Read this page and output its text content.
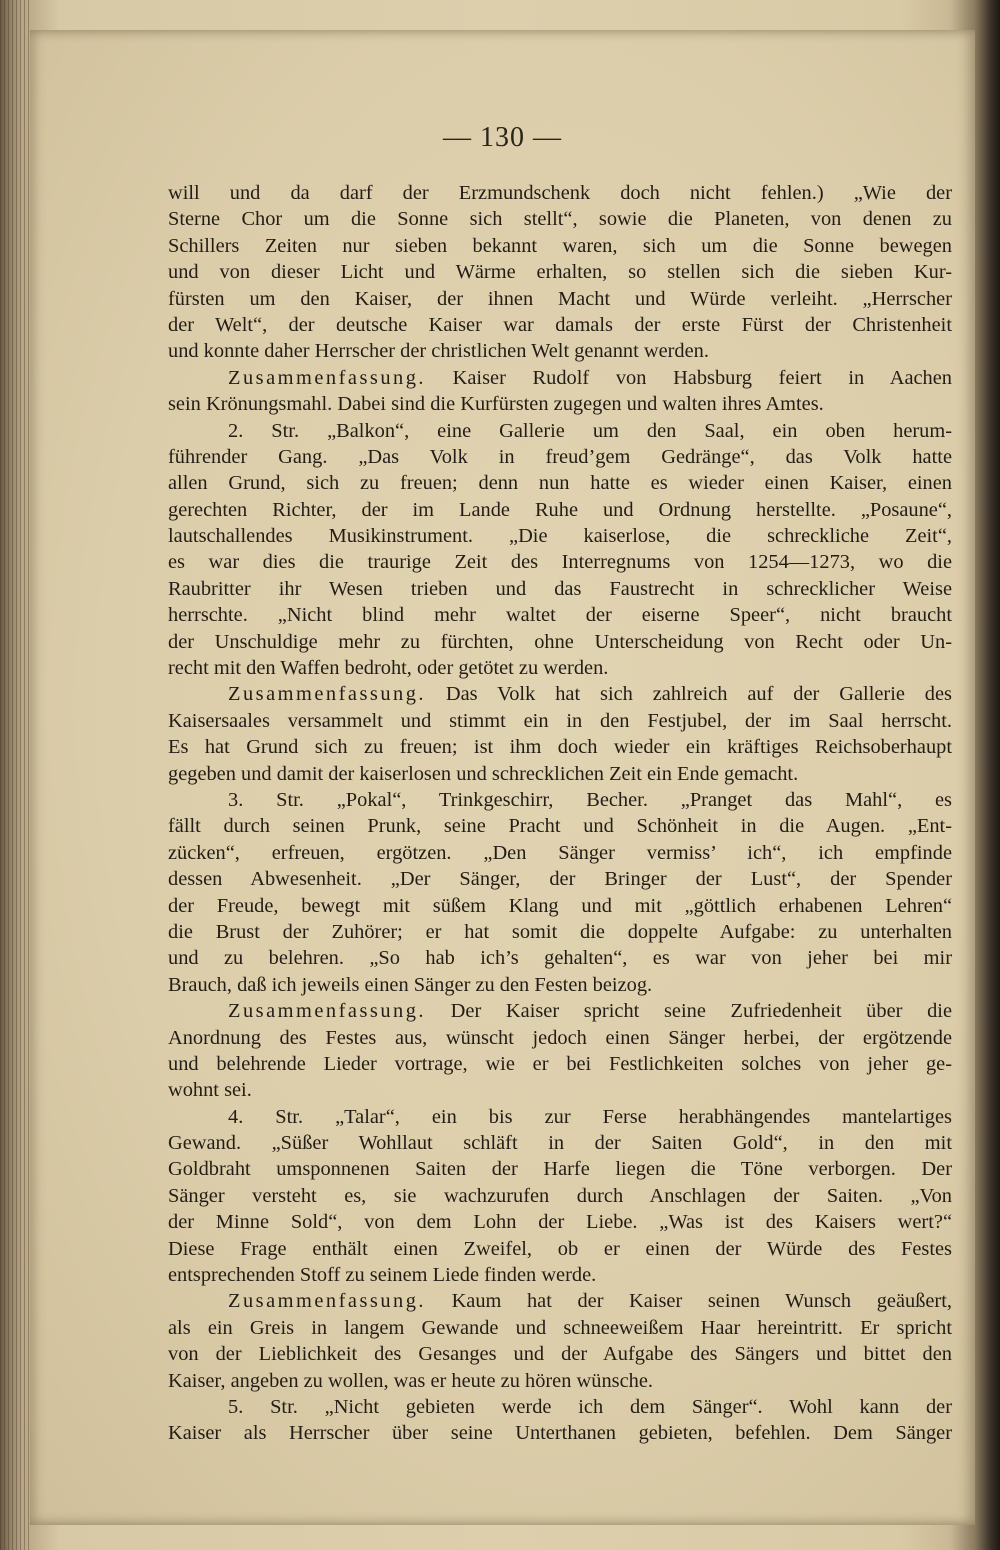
— 130 —
will und da darf der Erzmundschenk doch nicht fehlen.) „Wie der
Sterne Chor um die Sonne sich stellt“, sowie die Planeten, von denen zu
Schillers Zeiten nur sieben bekannt waren, sich um die Sonne bewegen
und von dieser Licht und Wärme erhalten, so stellen sich die sieben Kur-
fürsten um den Kaiser, der ihnen Macht und Würde verleiht. „Herrscher
der Welt“, der deutsche Kaiser war damals der erste Fürst der Christenheit
und konnte daher Herrscher der christlichen Welt genannt werden.
Zusammenfassung. Kaiser Rudolf von Habsburg feiert in Aachen
sein Krönungsmahl. Dabei sind die Kurfürsten zugegen und walten ihres Amtes.
2. Str. „Balkon“, eine Gallerie um den Saal, ein oben herum-
führender Gang. „Das Volk in freud’gem Gedränge“, das Volk hatte
allen Grund, sich zu freuen; denn nun hatte es wieder einen Kaiser, einen
gerechten Richter, der im Lande Ruhe und Ordnung herstellte. „Posaune“,
lautschallendes Musikinstrument. „Die kaiserlose, die schreckliche Zeit“,
es war dies die traurige Zeit des Interregnums von 1254—1273, wo die
Raubritter ihr Wesen trieben und das Faustrecht in schrecklicher Weise
herrschte. „Nicht blind mehr waltet der eiserne Speer“, nicht braucht
der Unschuldige mehr zu fürchten, ohne Unterscheidung von Recht oder Un-
recht mit den Waffen bedroht, oder getötet zu werden.
Zusammenfassung. Das Volk hat sich zahlreich auf der Gallerie des
Kaisersaales versammelt und stimmt ein in den Festjubel, der im Saal herrscht.
Es hat Grund sich zu freuen; ist ihm doch wieder ein kräftiges Reichsoberhaupt
gegeben und damit der kaiserlosen und schrecklichen Zeit ein Ende gemacht.
3. Str. „Pokal“, Trinkgeschirr, Becher. „Pranget das Mahl“, es
fällt durch seinen Prunk, seine Pracht und Schönheit in die Augen. „Ent-
zücken“, erfreuen, ergötzen. „Den Sänger vermiss’ ich“, ich empfinde
dessen Abwesenheit. „Der Sänger, der Bringer der Lust“, der Spender
der Freude, bewegt mit süßem Klang und mit „göttlich erhabenen Lehren“
die Brust der Zuhörer; er hat somit die doppelte Aufgabe: zu unterhalten
und zu belehren. „So hab ich’s gehalten“, es war von jeher bei mir
Brauch, daß ich jeweils einen Sänger zu den Festen beizog.
Zusammenfassung. Der Kaiser spricht seine Zufriedenheit über die
Anordnung des Festes aus, wünscht jedoch einen Sänger herbei, der ergötzende
und belehrende Lieder vortrage, wie er bei Festlichkeiten solches von jeher ge-
wohnt sei.
4. Str. „Talar“, ein bis zur Ferse herabhängendes mantelartiges
Gewand. „Süßer Wohllaut schläft in der Saiten Gold“, in den mit
Goldbraht umsponnenen Saiten der Harfe liegen die Töne verborgen. Der
Sänger versteht es, sie wachzurufen durch Anschlagen der Saiten. „Von
der Minne Sold“, von dem Lohn der Liebe. „Was ist des Kaisers wert?“
Diese Frage enthält einen Zweifel, ob er einen der Würde des Festes
entsprechenden Stoff zu seinem Liede finden werde.
Zusammenfassung. Kaum hat der Kaiser seinen Wunsch geäußert,
als ein Greis in langem Gewande und schneeweißem Haar hereintritt. Er spricht
von der Lieblichkeit des Gesanges und der Aufgabe des Sängers und bittet den
Kaiser, angeben zu wollen, was er heute zu hören wünsche.
5. Str. „Nicht gebieten werde ich dem Sänger“. Wohl kann der
Kaiser als Herrscher über seine Unterthanen gebieten, befehlen. Dem Sänger
